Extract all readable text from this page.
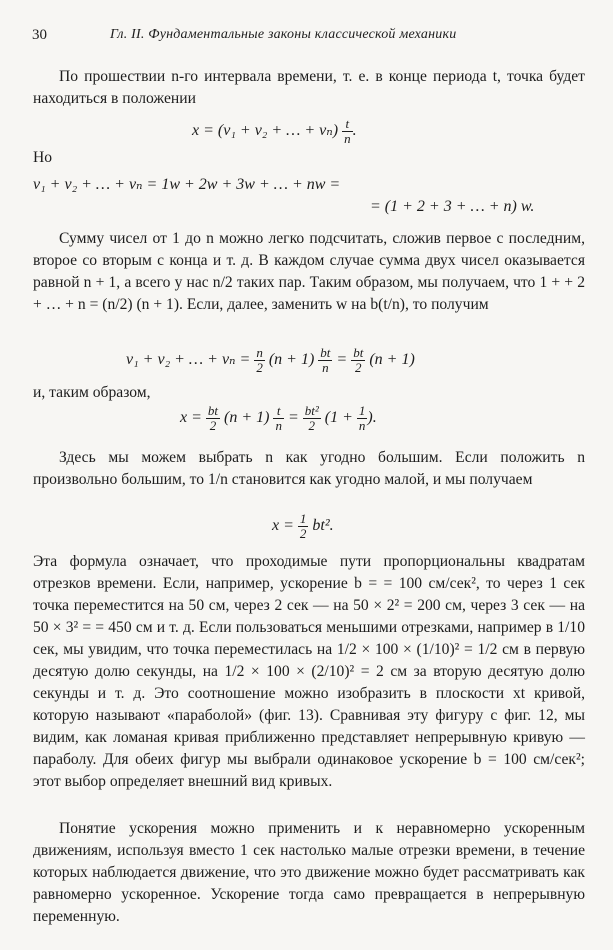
30	Гл. II. Фундаментальные законы классической механики
По прошествии n-го интервала времени, т. е. в конце периода t, точка будет находиться в положении
x = (v₁ + v₂ + … + $v_n) \frac{t}{n}$ .
Но
v₁ + v₂ + … + vₙ = 1w + 2w + 3w + … + nw =
= (1 + 2 + 3 + … + n) w.
Сумму чисел от 1 до n можно легко подсчитать, сложив первое с последним, второе со вторым с конца и т. д. В каждом случае сумма двух чисел оказывается равной n + 1, а всего у нас n/2 таких пар. Таким образом, мы получаем, что 1 + + 2 + … + n = (n/2) (n + 1). Если, далее, заменить w на b(t/n), то получим
v₁ + v₂ + … + $v_n = \frac{n}{2} (n + 1) \frac{bt}{n} = \frac{bt}{2} (n + 1)$
и, таким образом,
$x = \frac{bt}{2} (n + 1) \frac{t}{n} = \frac{\text{bt²}}{2} (1 + \frac{1}{n}$ ).
Здесь мы можем выбрать n как угодно большим. Если положить n произвольно большим, то 1/n становится как угодно малой, и мы получаем
$x = \frac{1}{2} bt^2$.
Эта формула означает, что проходимые пути пропорциональны квадратам отрезков времени. Если, например, ускорение b = = 100 см/сек², то через 1 сек точка переместится на 50 см, через 2 сек — на 50 × 2² = 200 см, через 3 сек — на 50 × 3² = = 450 см и т. д. Если пользоваться меньшими отрезками, например в 1/10 сек, мы увидим, что точка переместилась на 1/2 × 100 × (1/10)² = 1/2 см в первую десятую долю секунды, на 1/2 × 100 × (2/10)² = 2 см за вторую десятую долю секунды и т. д. Это соотношение можно изобразить в плоскости xt кривой, которую называют «параболой» (фиг. 13). Сравнивая эту фигуру с фиг. 12, мы видим, как ломаная кривая приближенно представляет непрерывную кривую — параболу. Для обеих фигур мы выбрали одинаковое ускорение b = 100 см/сек²; этот выбор определяет внешний вид кривых.
Понятие ускорения можно применить и к неравномерно ускоренным движениям, используя вместо 1 сек настолько малые отрезки времени, в течение которых наблюдается движение, что это движение можно будет рассматривать как равномерно ускоренное. Ускорение тогда само превращается в непрерывную переменную.
